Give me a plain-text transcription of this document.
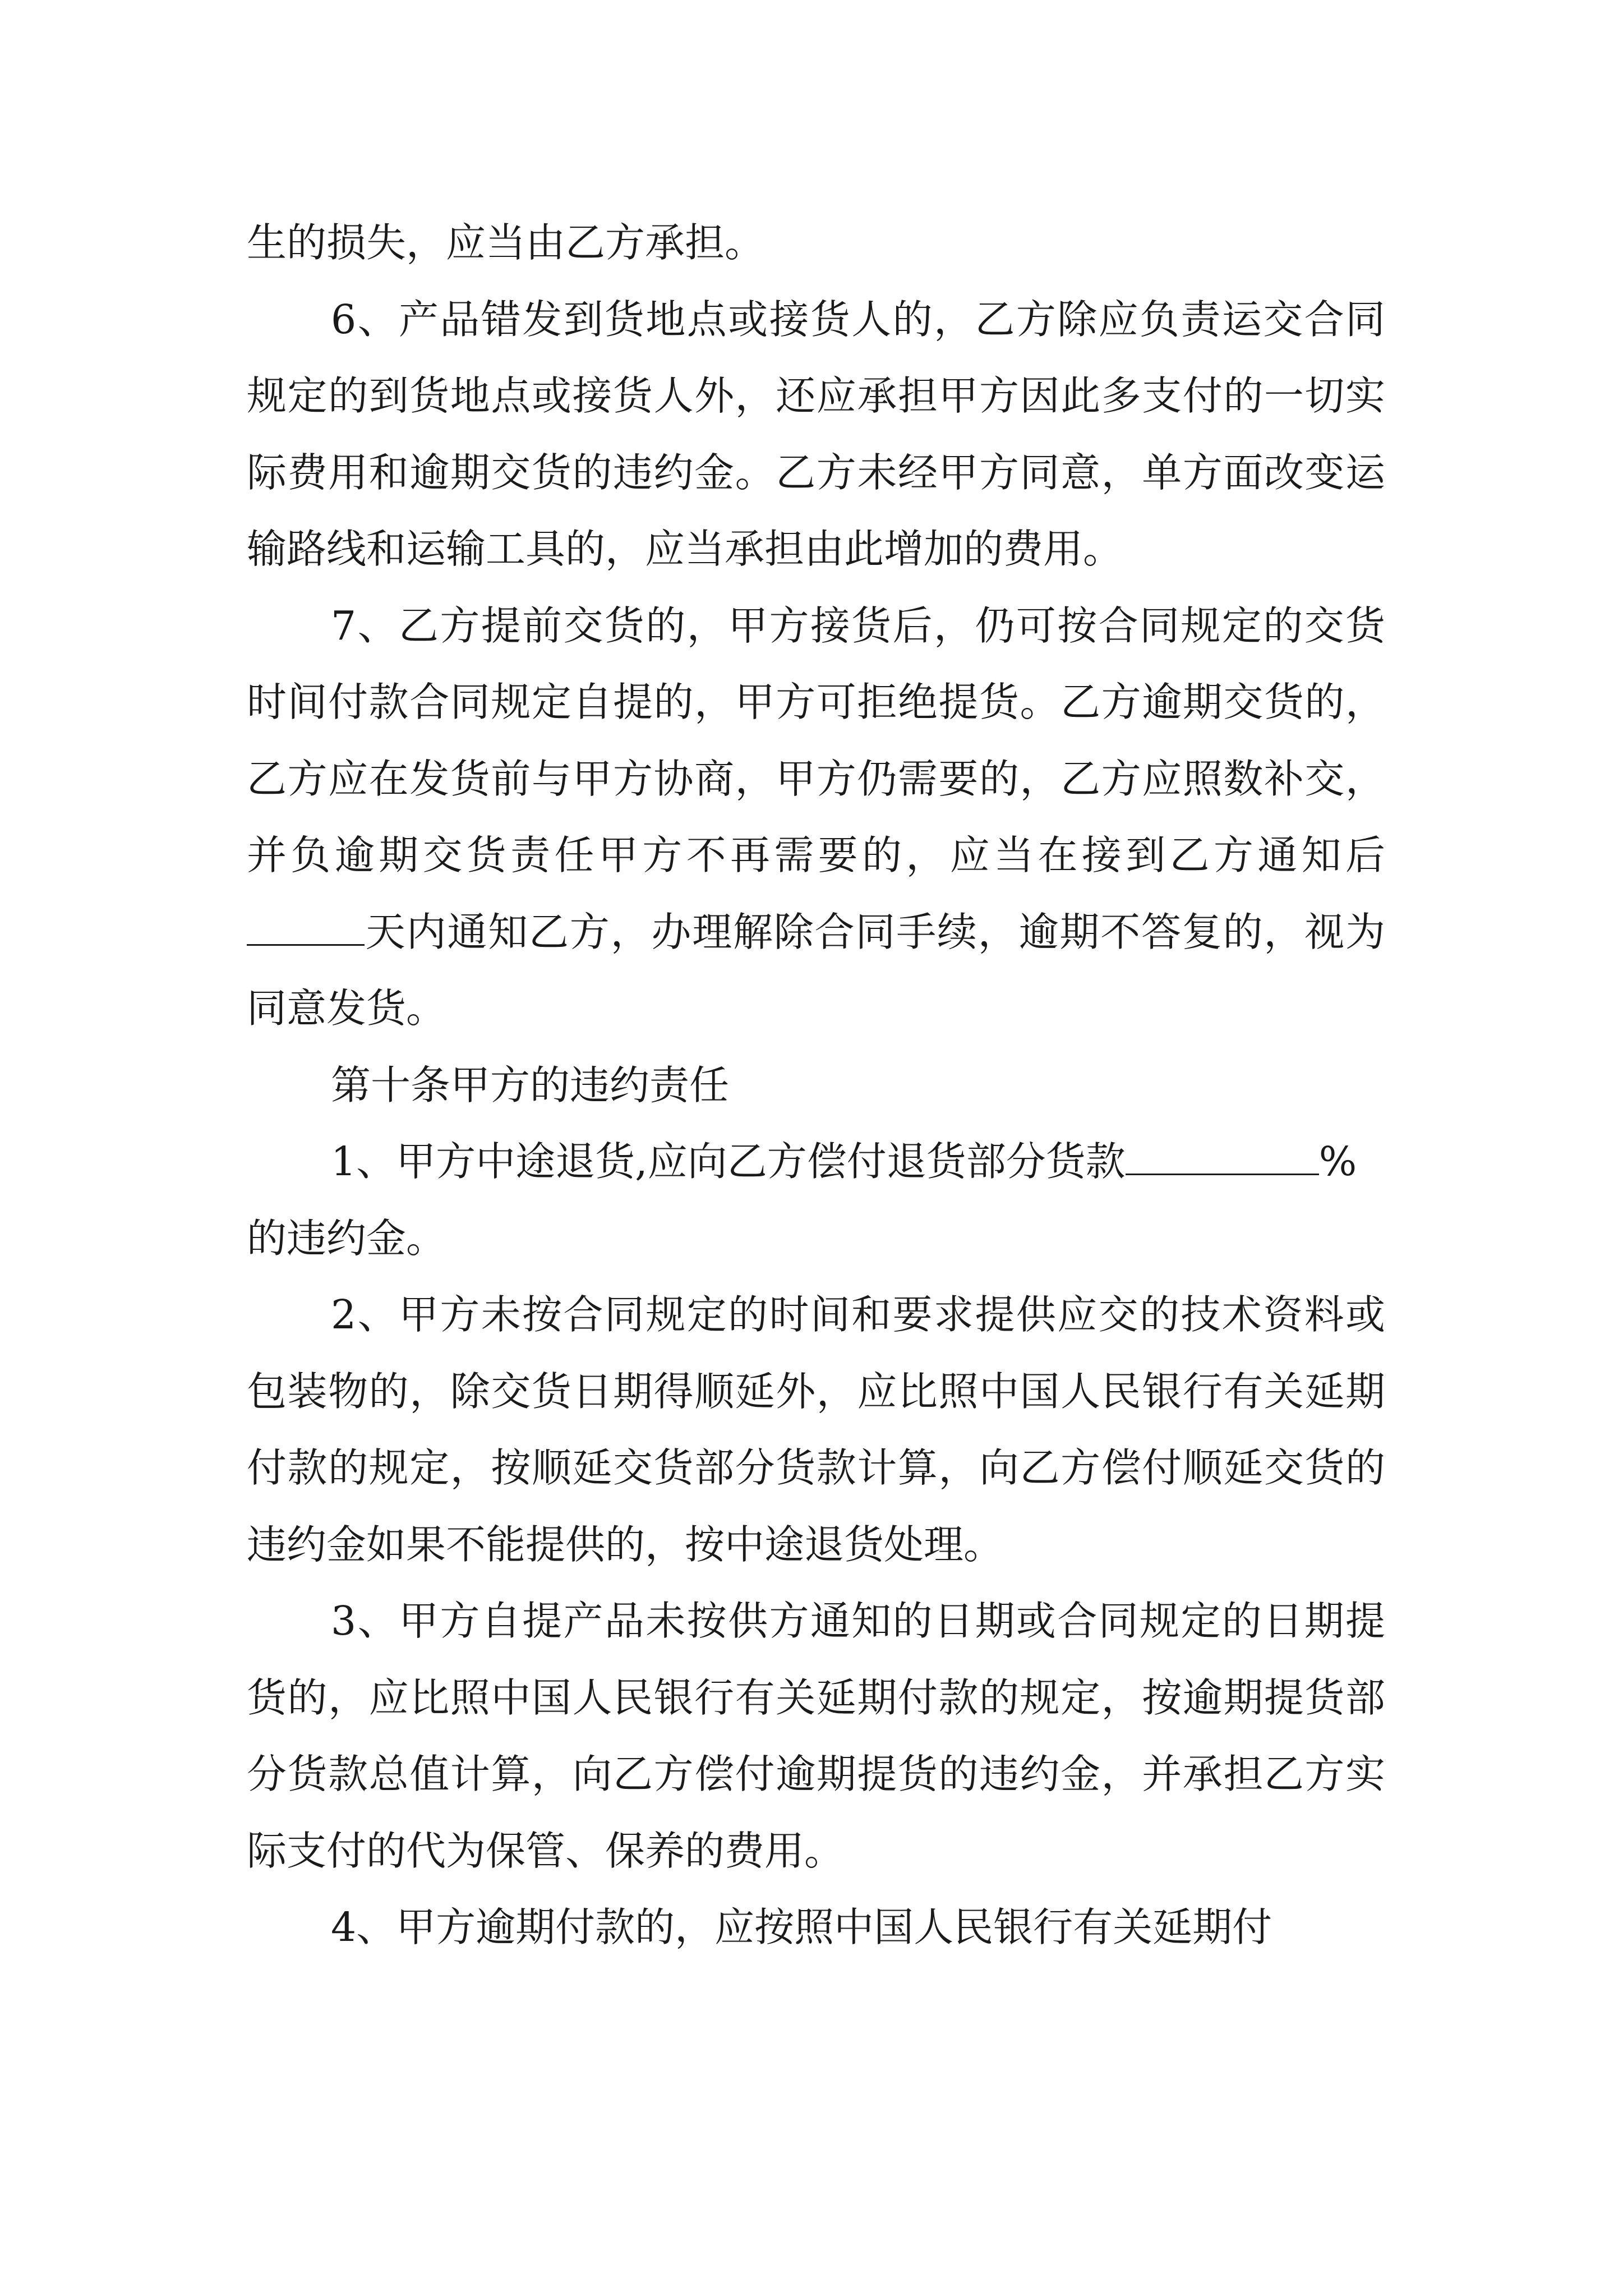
生的损失，应当由乙方承担。

6、产品错发到货地点或接货人的，乙方除应负责运交合同规定的到货地点或接货人外，还应承担甲方因此多支付的一切实际费用和逾期交货的违约金。乙方未经甲方同意，单方面改变运输路线和运输工具的，应当承担由此增加的费用。

7、乙方提前交货的，甲方接货后，仍可按合同规定的交货时间付款合同规定自提的，甲方可拒绝提货。乙方逾期交货的，乙方应在发货前与甲方协商，甲方仍需要的，乙方应照数补交，并负逾期交货责任甲方不再需要的，应当在接到乙方通知后天内通知乙方，办理解除合同手续，逾期不答复的，视为同意发货。

第十条甲方的违约责任

1、甲方中途退货,应向乙方偿付退货部分货款	%
的违约金。

2、甲方未按合同规定的时间和要求提供应交的技术资料或包装物的，除交货日期得顺延外，应比照中国人民银行有关延期付款的规定，按顺延交货部分货款计算，向乙方偿付顺延交货的违约金如果不能提供的，按中途退货处理。

3、甲方自提产品未按供方通知的日期或合同规定的日期提货的，应比照中国人民银行有关延期付款的规定，按逾期提货部分货款总值计算，向乙方偿付逾期提货的违约金，并承担乙方实际支付的代为保管、保养的费用。

4、甲方逾期付款的，应按照中国人民银行有关延期付
